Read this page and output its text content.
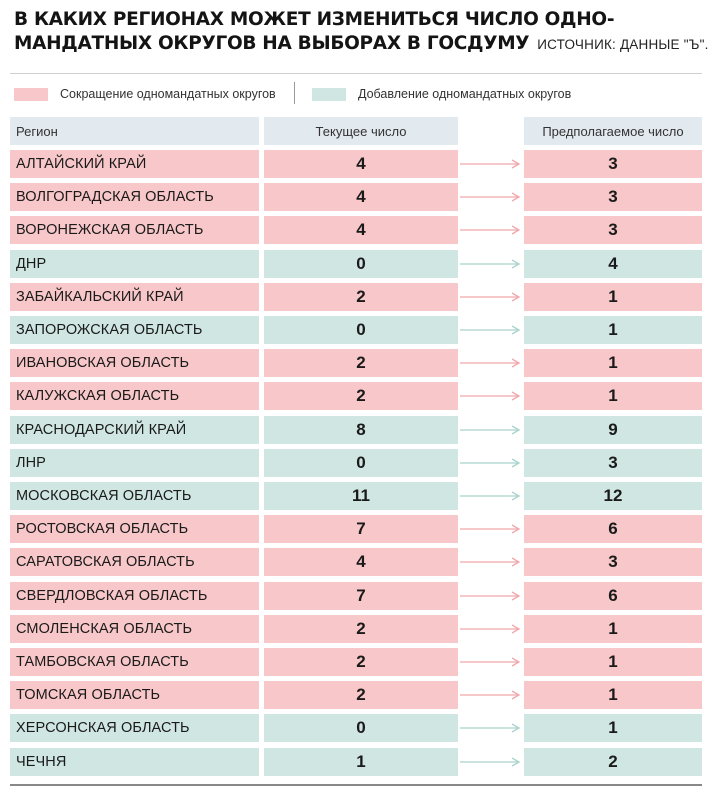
В КАКИХ РЕГИОНАХ МОЖЕТ ИЗМЕНИТЬСЯ ЧИСЛО ОДНО-
МАНДАТНЫХ ОКРУГОВ НА ВЫБОРАХ В ГОСДУМУ ИСТОЧНИК: ДАННЫЕ "Ъ".
Сокращение одномандатных округов	Добавление одномандатных округов
Регион	Текущее число	Предполагаемое число
АЛТАЙСКИЙ КРАЙ	4	3
ВОЛГОГРАДСКАЯ ОБЛАСТЬ	4	3
ВОРОНЕЖСКАЯ ОБЛАСТЬ	4	3
ДНР	0	4
ЗАБАЙКАЛЬСКИЙ КРАЙ	2	1
ЗАПОРОЖСКАЯ ОБЛАСТЬ	0	1
ИВАНОВСКАЯ ОБЛАСТЬ	2	1
КАЛУЖСКАЯ ОБЛАСТЬ	2	1
КРАСНОДАРСКИЙ КРАЙ	8	9
ЛНР	0	3
МОСКОВСКАЯ ОБЛАСТЬ	11	12
РОСТОВСКАЯ ОБЛАСТЬ	7	6
САРАТОВСКАЯ ОБЛАСТЬ	4	3
СВЕРДЛОВСКАЯ ОБЛАСТЬ	7	6
СМОЛЕНСКАЯ ОБЛАСТЬ	2	1
ТАМБОВСКАЯ ОБЛАСТЬ	2	1
ТОМСКАЯ ОБЛАСТЬ	2	1
ХЕРСОНСКАЯ ОБЛАСТЬ	0	1
ЧЕЧНЯ	1	2
